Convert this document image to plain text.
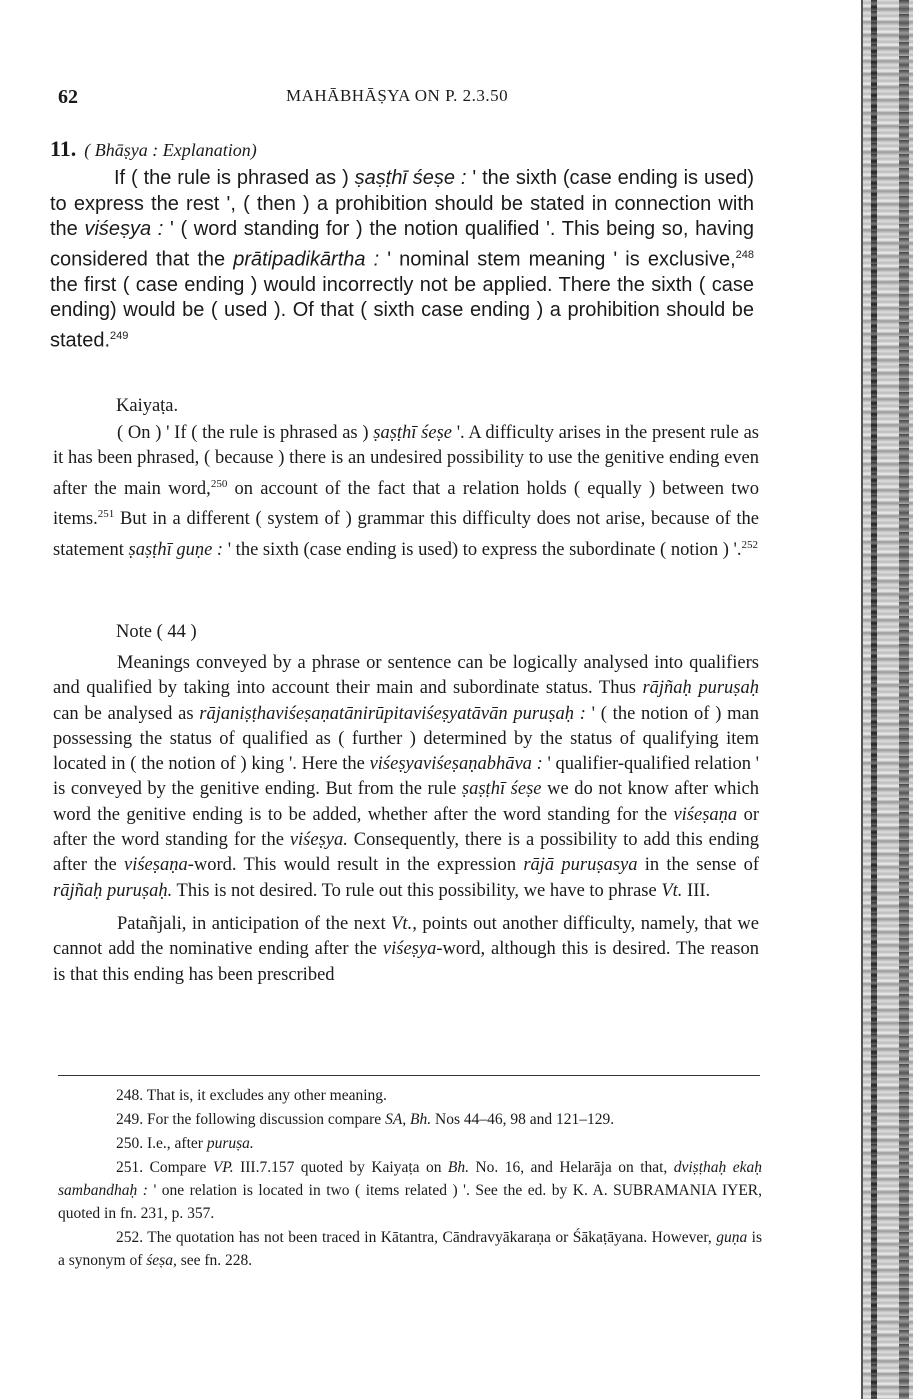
62	MAHĀBHĀṢYA ON P. 2.3.50
11. ( Bhāṣya : Explanation)

If ( the rule is phrased as ) ṣaṣṭhī śeṣe : ' the sixth (case ending is used) to express the rest ', ( then ) a prohibition should be stated in connection with the viśeṣya : ' ( word standing for ) the notion qualified '. This being so, having considered that the prātipadikārtha : ' nominal stem meaning ' is exclusive,$^{248}$ the first ( case ending ) would incorrectly not be applied. There the sixth ( case ending) would be ( used ). Of that ( sixth case ending ) a prohibition should be stated.$^{249}$

Kaiyaṭa.

( On ) ' If ( the rule is phrased as ) ṣaṣṭhī śeṣe '. A difficulty arises in the present rule as it has been phrased, ( because ) there is an undesired possibility to use the genitive ending even after the main word,$^{250}$ on account of the fact that a relation holds ( equally ) between two items.$^{251}$ But in a different ( system of ) grammar this difficulty does not arise, because of the statement ṣaṣṭhī guṇe : ' the sixth (case ending is used) to express the subordinate ( notion ) '.$^{252}$

Note ( 44 )

Meanings conveyed by a phrase or sentence can be logically analysed into qualifiers and qualified by taking into account their main and subordinate status. Thus rājñaḥ puruṣaḥ can be analysed as rājaniṣṭhaviśeṣaṇatānirūpitaviśeṣyatāvān puruṣaḥ : ' ( the notion of ) man possessing the status of qualified as ( further ) determined by the status of qualifying item located in ( the notion of ) king '. Here the viśeṣyaviśeṣaṇabhāva : ' qualifier-qualified relation ' is conveyed by the genitive ending. But from the rule ṣaṣṭhī śeṣe we do not know after which word the genitive ending is to be added, whether after the word standing for the viśeṣaṇa or after the word standing for the viśeṣya. Consequently, there is a possibility to add this ending after the viśeṣaṇa-word. This would result in the expression rājā puruṣasya in the sense of rājñaḥ puruṣaḥ. This is not desired. To rule out this possibility, we have to phrase Vt. III.

Patañjali, in anticipation of the next Vt., points out another difficulty, namely, that we cannot add the nominative ending after the viśeṣya-word, although this is desired. The reason is that this ending has been prescribed

248. That is, it excludes any other meaning.

249. For the following discussion compare SA, Bh. Nos 44–46, 98 and 121–129.

250. I.e., after puruṣa.

251. Compare VP. III.7.157 quoted by Kaiyaṭa on Bh. No. 16, and Helarāja on that, dviṣṭhaḥ ekaḥ sambandhaḥ : ' one relation is located in two ( items related ) '. See the ed. by K. A. SUBRAMANIA IYER, quoted in fn. 231, p. 357.

252. The quotation has not been traced in Kātantra, Cāndravyākaraṇa or Śākaṭāyana. However, guṇa is a synonym of śeṣa, see fn. 228.
